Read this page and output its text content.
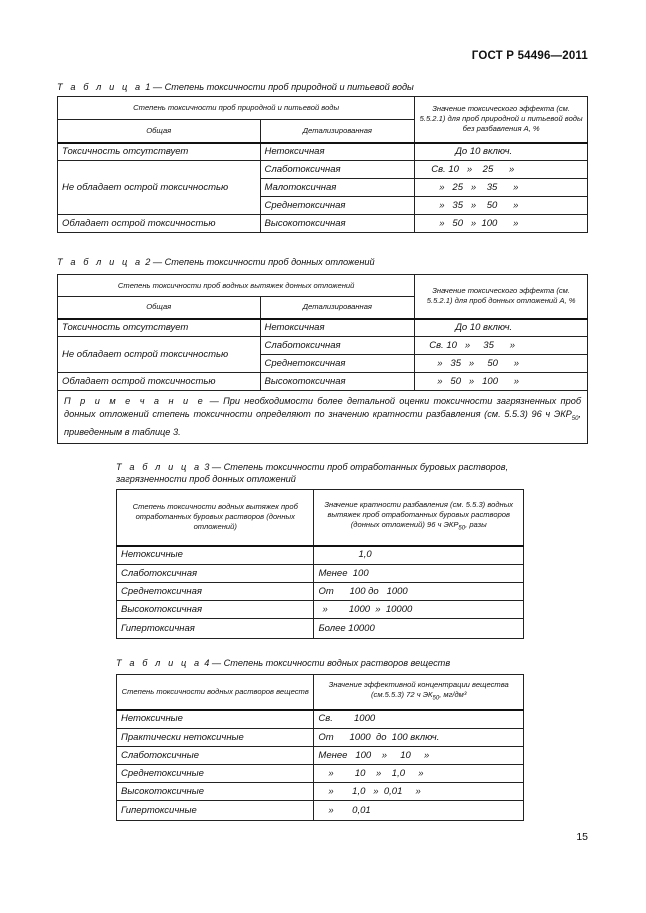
ГОСТ Р 54496—2011
Т а б л и ц а 1 — Степень токсичности проб природной и питьевой воды
Степень токсичности проб природной и питьевой воды		Значение токсического эффекта (см. 5.5.2.1) для проб природной и питьевой воды без разбавления А, %
Общая	Детализированная	
Токсичность отсутствует	Нетоксичная	До 10 включ.
Не обладает острой токсичностью	Слаботоксичная	Св. 10   »    25      »
	Малотоксичная	»   25   »    35      »
	Среднетоксичная	»   35   »    50      »
Обладает острой токсичностью	Высокотоксичная	»   50   »  100      »
Т а б л и ц а 2 — Степень токсичности проб донных отложений
Степень токсичности проб водных вытяжек донных отложений		Значение токсического эффекта (см. 5.5.2.1) для проб донных отложений А, %
Общая	Детализированная	
Токсичность отсутствует	Нетоксичная	До 10 включ.
Не обладает острой токсичностью	Слаботоксичная	Св. 10   »     35      »
	Среднетоксичная	»   35   »     50      »
Обладает острой токсичностью	Высокотоксичная	»   50   »   100      »
П р и м е ч а н и е — При необходимости более детальной оценки токсичности загрязненных проб донных отложений степень токсичности определяют по значению кратности разбавления (см. 5.5.3) 96 ч $ЭКР_{50}$, приведенным в таблице 3.		
Т а б л и ц а 3 — Степень токсичности проб отработанных буровых растворов, загрязненности проб донных отложений
Степень токсичности водных вытяжек проб отработанных буровых растворов (донных отложений)	Значение кратности разбавления (см. 5.5.3) водных вытяжек проб отработанных буровых растворов (донных отложений) 96 ч $ЭКР_{50}$, разы
Нетоксичные	1,0
Слаботоксичная	Менее  100
Среднетоксичная	От      100 до   1000
Высокотоксичная	»        1000  »  10000
Гипертоксичная	Более 10000
Т а б л и ц а 4 — Степень токсичности водных растворов веществ
Степень токсичности водных растворов веществ	Значение эффективной концентрации вещества (см.5.5.3) 72 ч $ЭК_{50}$, мг/дм³
Нетоксичные	Св.        1000
Практически нетоксичные	От      1000  до  100 включ.
Слаботоксичные	Менее   100    »     10     »
Среднетоксичные	»        10    »    1,0     »
Высокотоксичные	»       1,0   »  0,01     »
Гипертоксичные	»       0,01
15
